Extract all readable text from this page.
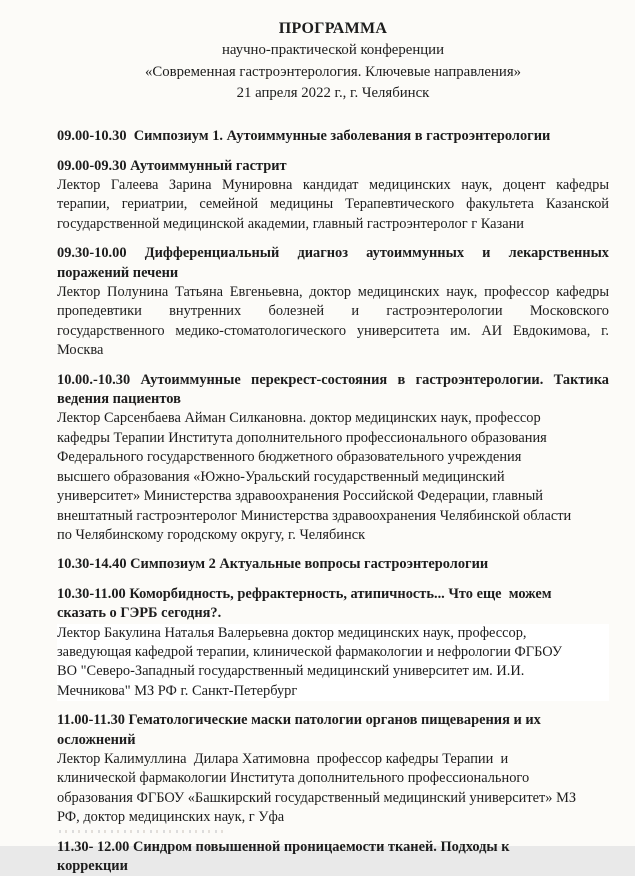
ПРОГРАММА
научно-практической конференции
«Современная гастроэнтерология. Ключевые направления»
21 апреля 2022 г., г. Челябинск
09.00-10.30  Симпозиум 1. Аутоиммунные заболевания в гастроэнтерологии
09.00-09.30 Аутоиммунный гастрит
Лектор Галеева Зарина Мунировна кандидат медицинских наук, доцент кафедры
терапии, гериатрии, семейной медицины Терапевтического факультета Казанской
государственной медицинской академии, главный гастроэнтеролог г Казани
09.30-10.00 Дифференциальный диагноз аутоиммунных и лекарственных
поражений печени
Лектор Полунина Татьяна Евгеньевна, доктор медицинских наук, профессор кафедры
пропедевтики внутренних болезней и гастроэнтерологии Московского
государственного медико-стоматологического университета им. АИ Евдокимова, г.
Москва
10.00.-10.30 Аутоиммунные перекрест-состояния в гастроэнтерологии. Тактика
ведения пациентов
Лектор Сарсенбаева Айман Силкановна. доктор медицинских наук, профессор
кафедры Терапии Института дополнительного профессионального образования
Федерального государственного бюджетного образовательного учреждения
высшего образования «Южно-Уральский государственный медицинский
университет» Министерства здравоохранения Российской Федерации, главный
внештатный гастроэнтеролог Министерства здравоохранения Челябинской области
по Челябинскому городскому округу, г. Челябинск
10.30-14.40 Симпозиум 2 Актуальные вопросы гастроэнтерологии
10.30-11.00 Коморбидность, рефрактерность, атипичность... Что еще  можем
сказать о ГЭРБ сегодня?.
Лектор Бакулина Наталья Валерьевна доктор медицинских наук, профессор,
заведующая кафедрой терапии, клинической фармакологии и нефрологии ФГБОУ
ВО "Северо-Западный государственный медицинский университет им. И.И.
Мечникова" МЗ РФ г. Санкт-Петербург
11.00-11.30 Гематологические маски патологии органов пищеварения и их
осложнений
Лектор Калимуллина  Дилара Хатимовна  профессор кафедры Терапии  и
клинической фармакологии Института дополнительного профессионального
образования ФГБОУ «Башкирский государственный медицинский университет» МЗ
РФ, доктор медицинских наук, г Уфа
11.30- 12.00 Синдром повышенной проницаемости тканей. Подходы к
коррекции
